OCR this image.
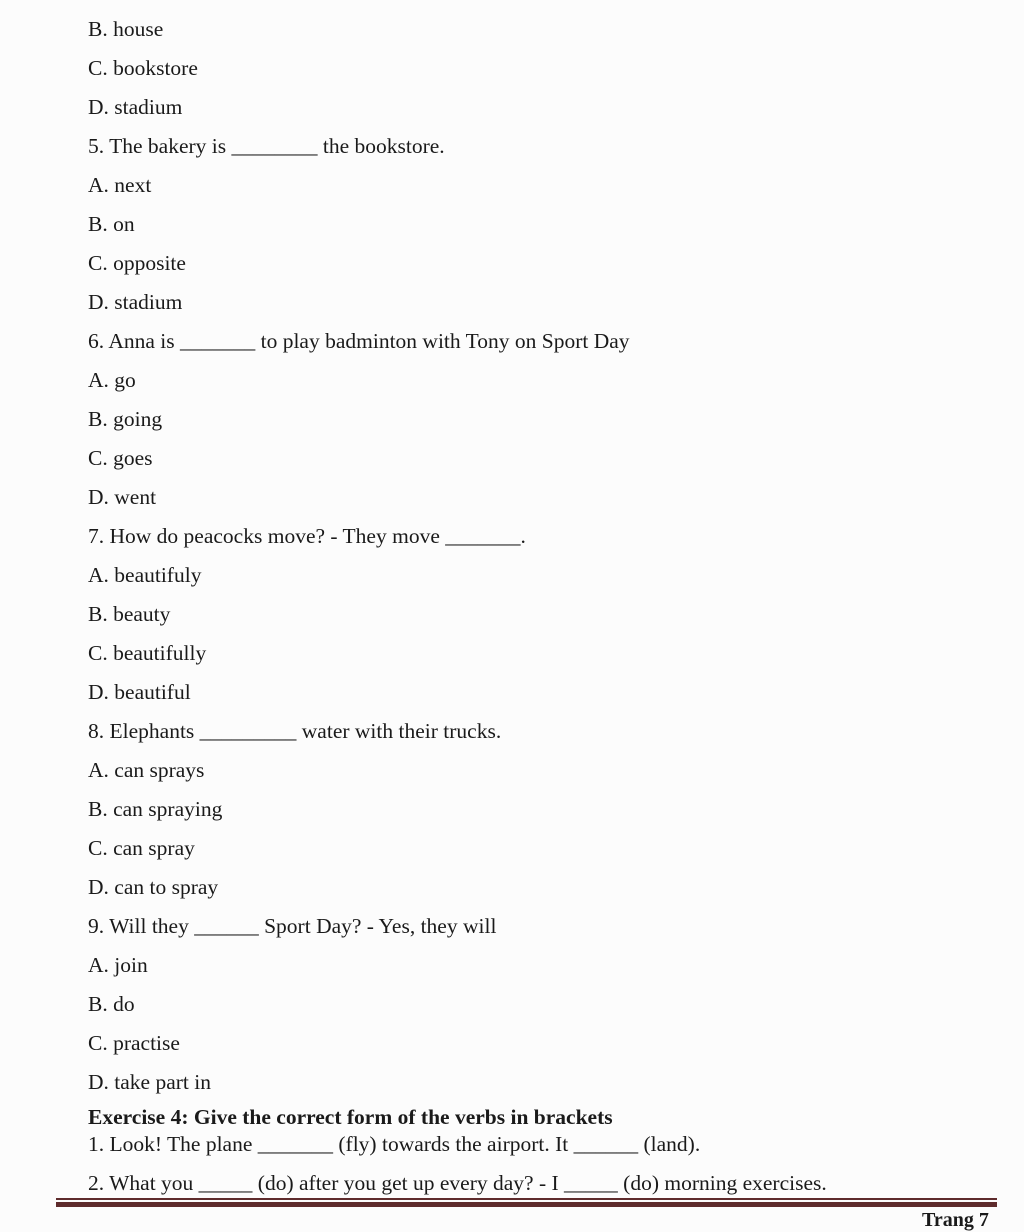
B. house
C. bookstore
D. stadium
5. The bakery is ________ the bookstore.
A. next
B. on
C. opposite
D. stadium
6. Anna is _______ to play badminton with Tony on Sport Day
A. go
B. going
C. goes
D. went
7. How do peacocks move? - They move _______.
A. beautifuly
B. beauty
C. beautifully
D. beautiful
8. Elephants _________ water with their trucks.
A. can sprays
B. can spraying
C. can spray
D. can to spray
9. Will they ______ Sport Day? - Yes, they will
A. join
B. do
C. practise
D. take part in
Exercise 4: Give the correct form of the verbs in brackets
1. Look! The plane _______ (fly) towards the airport. It ______ (land).
2. What you _____ (do) after you get up every day? - I _____ (do) morning exercises.
Trang 7
